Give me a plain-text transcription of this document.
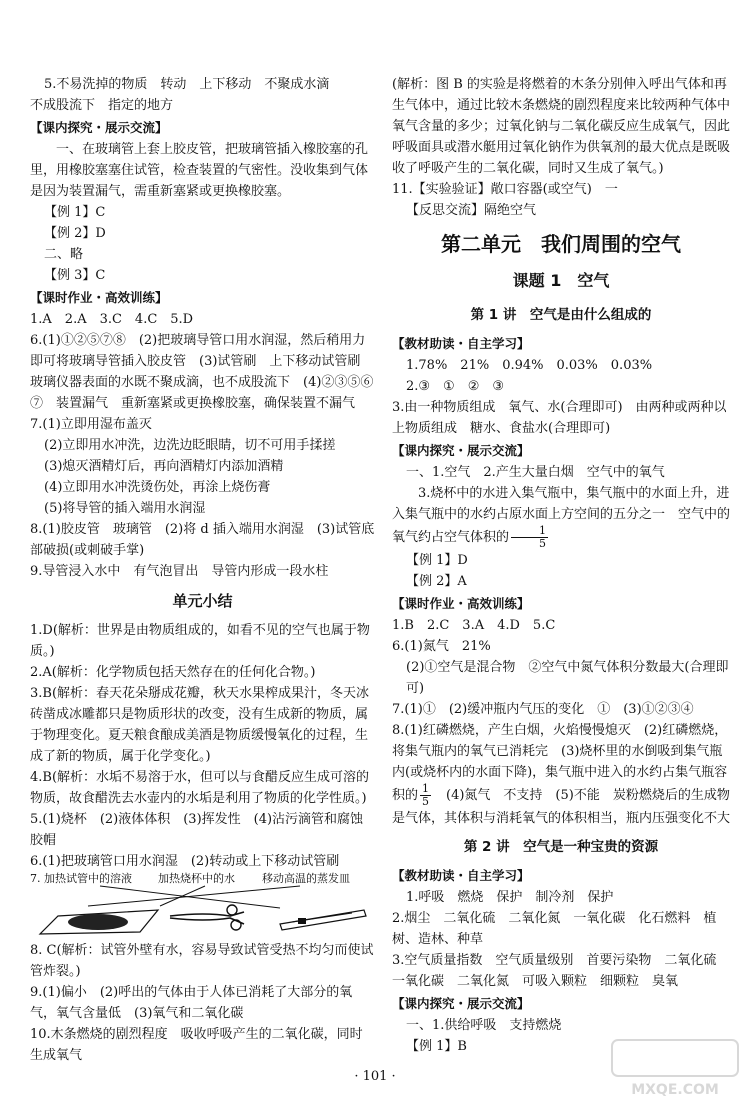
5.不易洗掉的物质　转动　上下移动　不聚成水滴

不成股流下　指定的地方

【课内探究・展示交流】

一、在玻璃管上套上胶皮管，把玻璃管插入橡胶塞的孔里，用橡胶塞塞住试管，检查装置的气密性。没收集到气体是因为装置漏气，需重新塞紧或更换橡胶塞。

【例 1】C

【例 2】D

二、略

【例 3】C

【课时作业・高效训练】

1.A　2.A　3.C　4.C　5.D

6.(1)①②⑤⑦⑧　(2)把玻璃导管口用水润湿，然后稍用力即可将玻璃导管插入胶皮管　(3)试管刷　上下移动试管刷　玻璃仪器表面的水既不聚成滴，也不成股流下　(4)②③⑤⑥⑦　装置漏气　重新塞紧或更换橡胶塞，确保装置不漏气

7.(1)立即用湿布盖灭

(2)立即用水冲洗，边洗边眨眼睛，切不可用手揉搓

(3)熄灭酒精灯后，再向酒精灯内添加酒精

(4)立即用水冲洗烫伤处，再涂上烧伤膏

(5)将导管的插入端用水润湿

8.(1)胶皮管　玻璃管　(2)将 d 插入端用水润湿　(3)试管底部破损(或刺破手掌)

9.导管浸入水中　有气泡冒出　导管内形成一段水柱

单元小结

1.D(解析：世界是由物质组成的，如看不见的空气也属于物质。)

2.A(解析：化学物质包括天然存在的任何化合物。)

3.B(解析：春天花朵掰成花瓣，秋天水果榨成果汁，冬天冰砖凿成冰雕都只是物质形状的改变，没有生成新的物质，属于物理变化。夏天粮食酿成美酒是物质缓慢氧化的过程，生成了新的物质，属于化学变化。)

4.B(解析：水垢不易溶于水，但可以与食醋反应生成可溶的物质，故食醋洗去水壶内的水垢是利用了物质的化学性质。)

5.(1)烧杯　(2)液体体积　(3)挥发性　(4)沾污滴管和腐蚀胶帽

6.(1)把玻璃管口用水润湿　(2)转动或上下移动试管刷

7. 加热试管中的溶液 加热烧杯中的水 移动高温的蒸发皿

8. C(解析：试管外壁有水，容易导致试管受热不均匀而使试管炸裂。)

9.(1)偏小　(2)呼出的气体由于人体已消耗了大部分的氧气，氧气含量低　(3)氧气和二氧化碳

10.木条燃烧的剧烈程度　吸收呼吸产生的二氧化碳，同时生成氧气

(解析：图 B 的实验是将燃着的木条分别伸入呼出气体和再生气体中，通过比较木条燃烧的剧烈程度来比较两种气体中氧气含量的多少；过氧化钠与二氧化碳反应生成氧气，因此呼吸面具或潜水艇用过氧化钠作为供氧剂的最大优点是既吸收了呼吸产生的二氧化碳，同时又生成了氧气。)

11.【实验验证】敞口容器(或空气)　一

【反思交流】隔绝空气

第二单元　我们周围的空气
课题 1　空气
第 1 讲　空气是由什么组成的

【教材助读・自主学习】

1.78%　21%　0.94%　0.03%　0.03%

2.③　①　②　③

3.由一种物质组成　氧气、水(合理即可)　由两种或两种以上物质组成　糖水、食盐水(合理即可)

【课内探究・展示交流】

一、1.空气　2.产生大量白烟　空气中的氧气

3.烧杯中的水进入集气瓶中，集气瓶中的水面上升，进入集气瓶中的水约占原水面上方空间的五分之一　空气中的氧气约占空气体积的 $\frac{1}{5}$

【例 1】D

【例 2】A

【课时作业・高效训练】

1.B　2.C　3.A　4.D　5.C

6.(1)氮气　21%

(2)①空气是混合物　②空气中氮气体积分数最大(合理即可)

7.(1)①　(2)缓冲瓶内气压的变化　①　(3)①②③④

8.(1)红磷燃烧，产生白烟，火焰慢慢熄灭　(2)红磷燃烧，将集气瓶内的氧气已消耗完　(3)烧杯里的水倒吸到集气瓶内(或烧杯内的水面下降)，集气瓶中进入的水约占集气瓶容积的 $\frac{1}{5}$ 　(4)氮气　不支持　(5)不能　炭粉燃烧后的生成物是气体，其体积与消耗氧气的体积相当，瓶内压强变化不大

第 2 讲　空气是一种宝贵的资源

【教材助读・自主学习】

1.呼吸　燃烧　保护　制冷剂　保护

2.烟尘　二氧化硫　二氧化氮　一氧化碳　化石燃料　植树、造林、种草

3.空气质量指数　空气质量级别　首要污染物　二氧化硫　一氧化碳　二氧化氮　可吸入颗粒　细颗粒　臭氧

【课内探究・展示交流】

一、1.供给呼吸　支持燃烧

【例 1】B

· 101 ·
MXQE.COM
